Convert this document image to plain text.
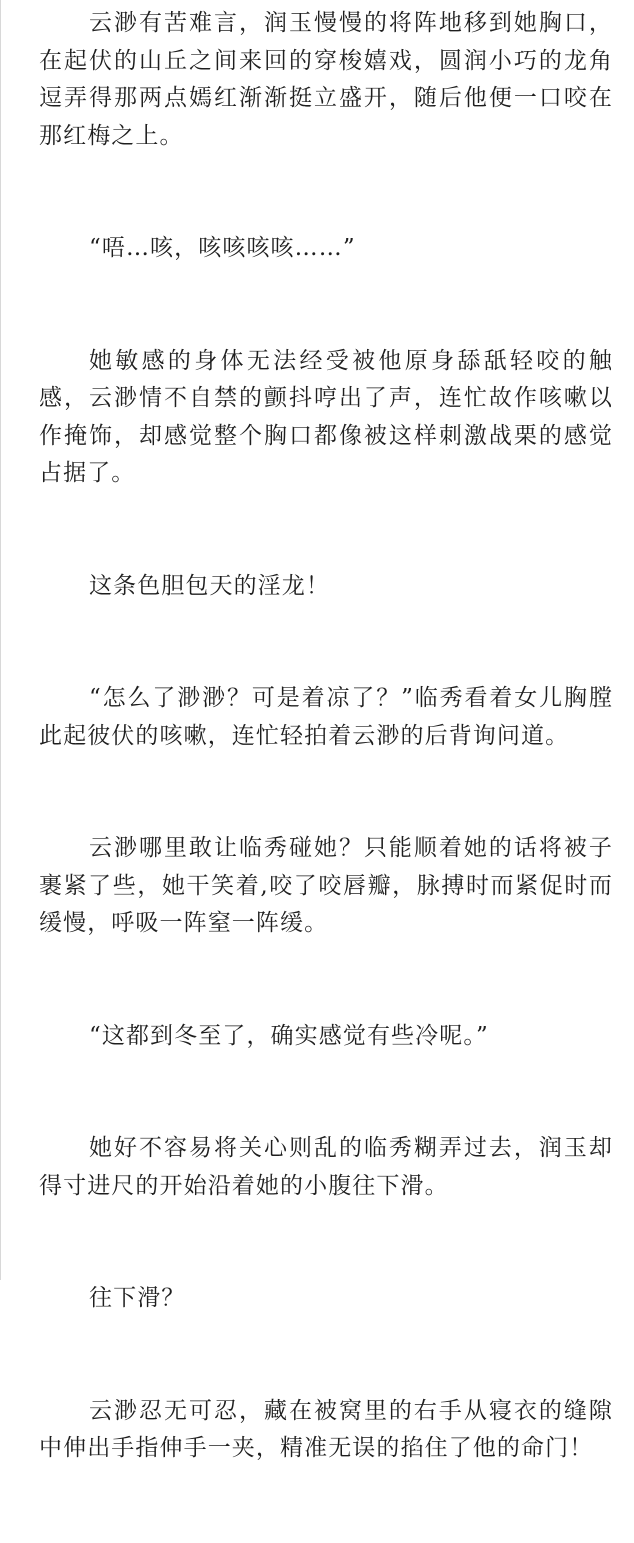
云渺有苦难言，润玉慢慢的将阵地移到她胸口，在起伏的山丘之间来回的穿梭嬉戏，圆润小巧的龙角逗弄得那两点嫣红渐渐挺立盛开，随后他便一口咬在那红梅之上。

“唔…咳，咳咳咳咳……”

她敏感的身体无法经受被他原身舔舐轻咬的触感，云渺情不自禁的颤抖哼出了声，连忙故作咳嗽以作掩饰，却感觉整个胸口都像被这样刺激战栗的感觉占据了。

这条色胆包天的淫龙！

“怎么了渺渺？可是着凉了？”临秀看着女儿胸膛此起彼伏的咳嗽，连忙轻拍着云渺的后背询问道。

云渺哪里敢让临秀碰她？只能顺着她的话将被子裹紧了些，她干笑着,咬了咬唇瓣，脉搏时而紧促时而缓慢，呼吸一阵窒一阵缓。

“这都到冬至了，确实感觉有些冷呢。”

她好不容易将关心则乱的临秀糊弄过去，润玉却得寸进尺的开始沿着她的小腹往下滑。

往下滑？

云渺忍无可忍，藏在被窝里的右手从寝衣的缝隙中伸出手指伸手一夹，精准无误的掐住了他的命门！
